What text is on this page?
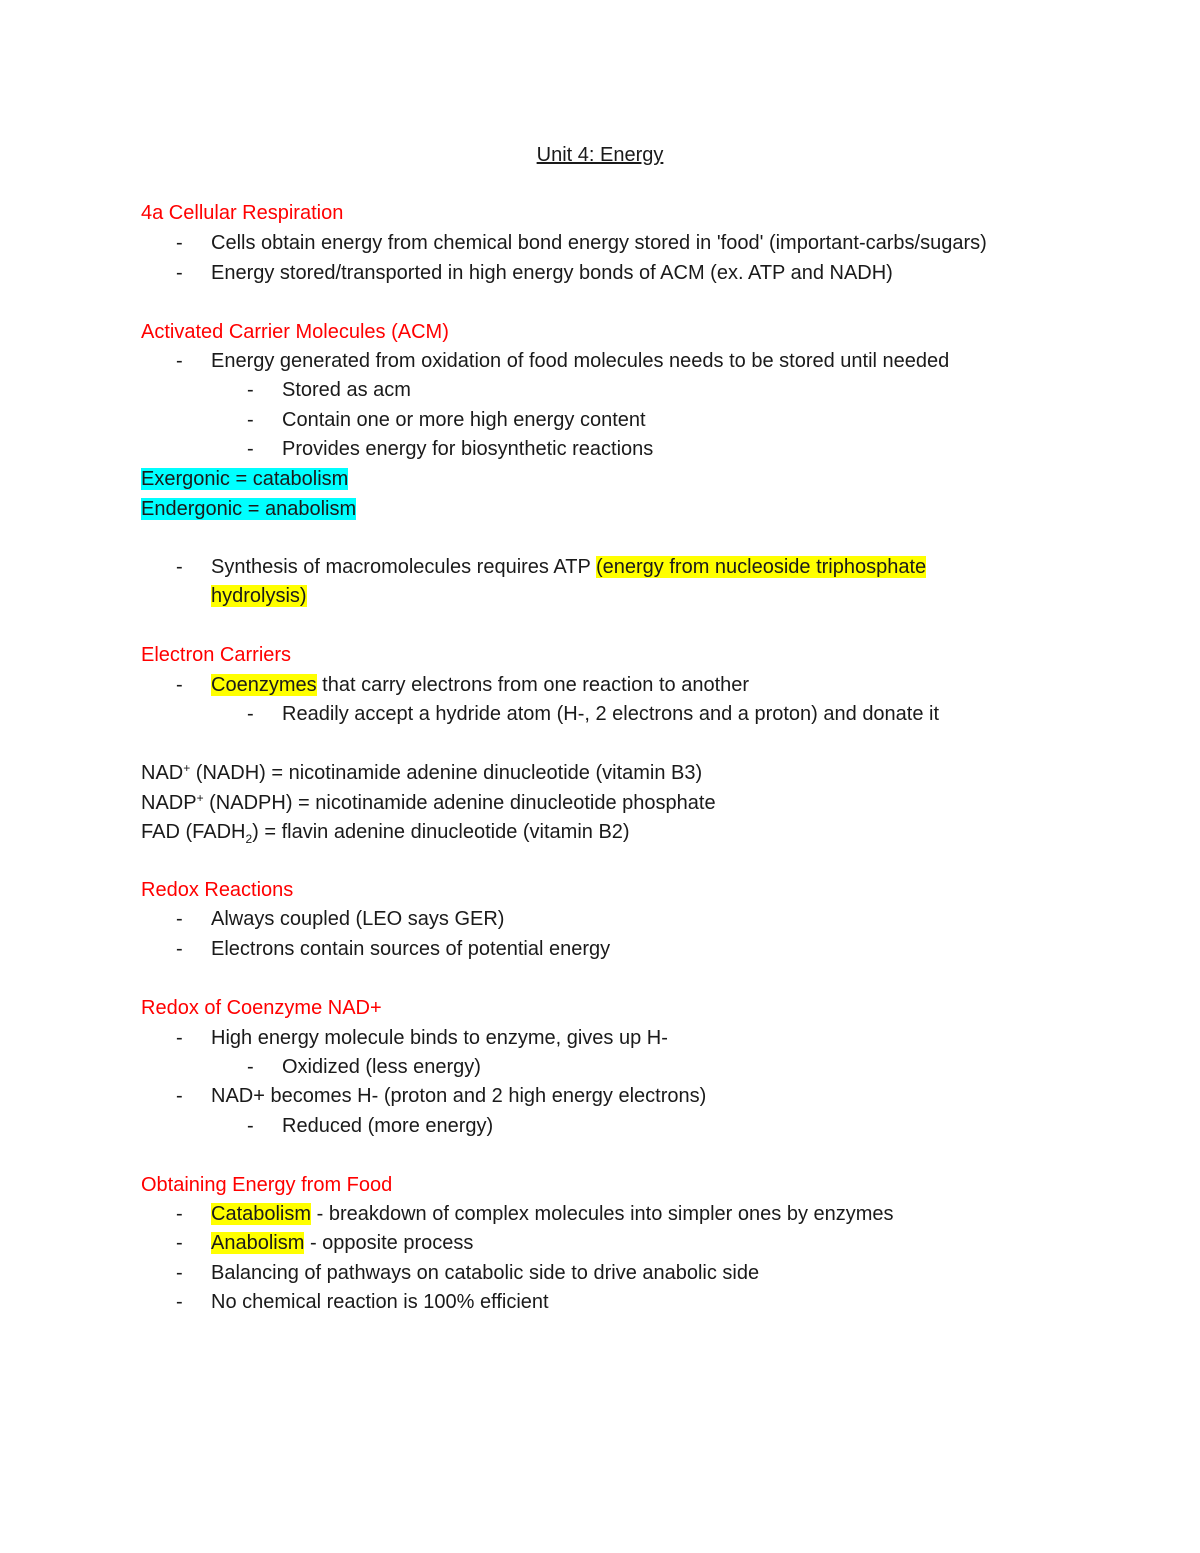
Unit 4: Energy
4a Cellular Respiration
- Cells obtain energy from chemical bond energy stored in 'food' (important-carbs/sugars)
- Energy stored/transported in high energy bonds of ACM (ex. ATP and NADH)
Activated Carrier Molecules (ACM)
- Energy generated from oxidation of food molecules needs to be stored until needed
- Stored as acm
- Contain one or more high energy content
- Provides energy for biosynthetic reactions
Exergonic = catabolism
Endergonic = anabolism
- Synthesis of macromolecules requires ATP (energy from nucleoside triphosphate
hydrolysis)
Electron Carriers
- Coenzymes that carry electrons from one reaction to another
- Readily accept a hydride atom (H-, 2 electrons and a proton) and donate it
NAD+ (NADH) = nicotinamide adenine dinucleotide (vitamin B3)
NADP+ (NADPH) = nicotinamide adenine dinucleotide phosphate
FAD $(FADH_2)$ = flavin adenine dinucleotide (vitamin B2)
Redox Reactions
- Always coupled (LEO says GER)
- Electrons contain sources of potential energy
Redox of Coenzyme NAD+
- High energy molecule binds to enzyme, gives up H-
- Oxidized (less energy)
- NAD+ becomes H- (proton and 2 high energy electrons)
- Reduced (more energy)
Obtaining Energy from Food
- Catabolism - breakdown of complex molecules into simpler ones by enzymes
- Anabolism - opposite process
- Balancing of pathways on catabolic side to drive anabolic side
- No chemical reaction is 100% efficient
